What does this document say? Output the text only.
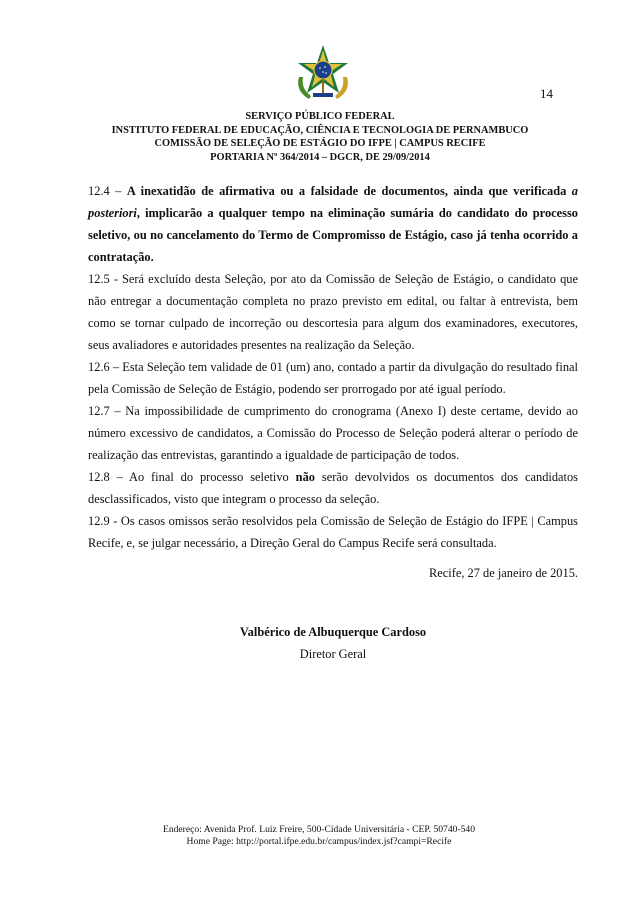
14
SERVIÇO PÚBLICO FEDERAL
INSTITUTO FEDERAL DE EDUCAÇÃO, CIÊNCIA E TECNOLOGIA DE PERNAMBUCO
COMISSÃO DE SELEÇÃO DE ESTÁGIO DO IFPE | CAMPUS RECIFE
PORTARIA Nº 364/2014 – DGCR, DE 29/09/2014

12.4 – A inexatidão de afirmativa ou a falsidade de documentos, ainda que verificada a posteriori, implicarão a qualquer tempo na eliminação sumária do candidato do processo seletivo, ou no cancelamento do Termo de Compromisso de Estágio, caso já tenha ocorrido a contratação.

12.5 - Será excluído desta Seleção, por ato da Comissão de Seleção de Estágio, o candidato que não entregar a documentação completa no prazo previsto em edital, ou faltar à entrevista, bem como se tornar culpado de incorreção ou descortesia para algum dos examinadores, executores, seus avaliadores e autoridades presentes na realização da Seleção.

12.6 – Esta Seleção tem validade de 01 (um) ano, contado a partir da divulgação do resultado final pela Comissão de Seleção de Estágio, podendo ser prorrogado por até igual período.

12.7 – Na impossibilidade de cumprimento do cronograma (Anexo I) deste certame, devido ao número excessivo de candidatos, a Comissão do Processo de Seleção poderá alterar o período de realização das entrevistas, garantindo a igualdade de participação de todos.

12.8 – Ao final do processo seletivo não serão devolvidos os documentos dos candidatos desclassificados, visto que integram o processo da seleção.

12.9 - Os casos omissos serão resolvidos pela Comissão de Seleção de Estágio do IFPE | Campus Recife, e, se julgar necessário, a Direção Geral do Campus Recife será consultada.

Recife, 27 de janeiro de 2015.
Valbérico de Albuquerque Cardoso
Diretor Geral
Endereço: Avenida Prof. Luiz Freire, 500-Cidade Universitária - CEP. 50740-540
Home Page: http://portal.ifpe.edu.br/campus/index.jsf?campi=Recife
